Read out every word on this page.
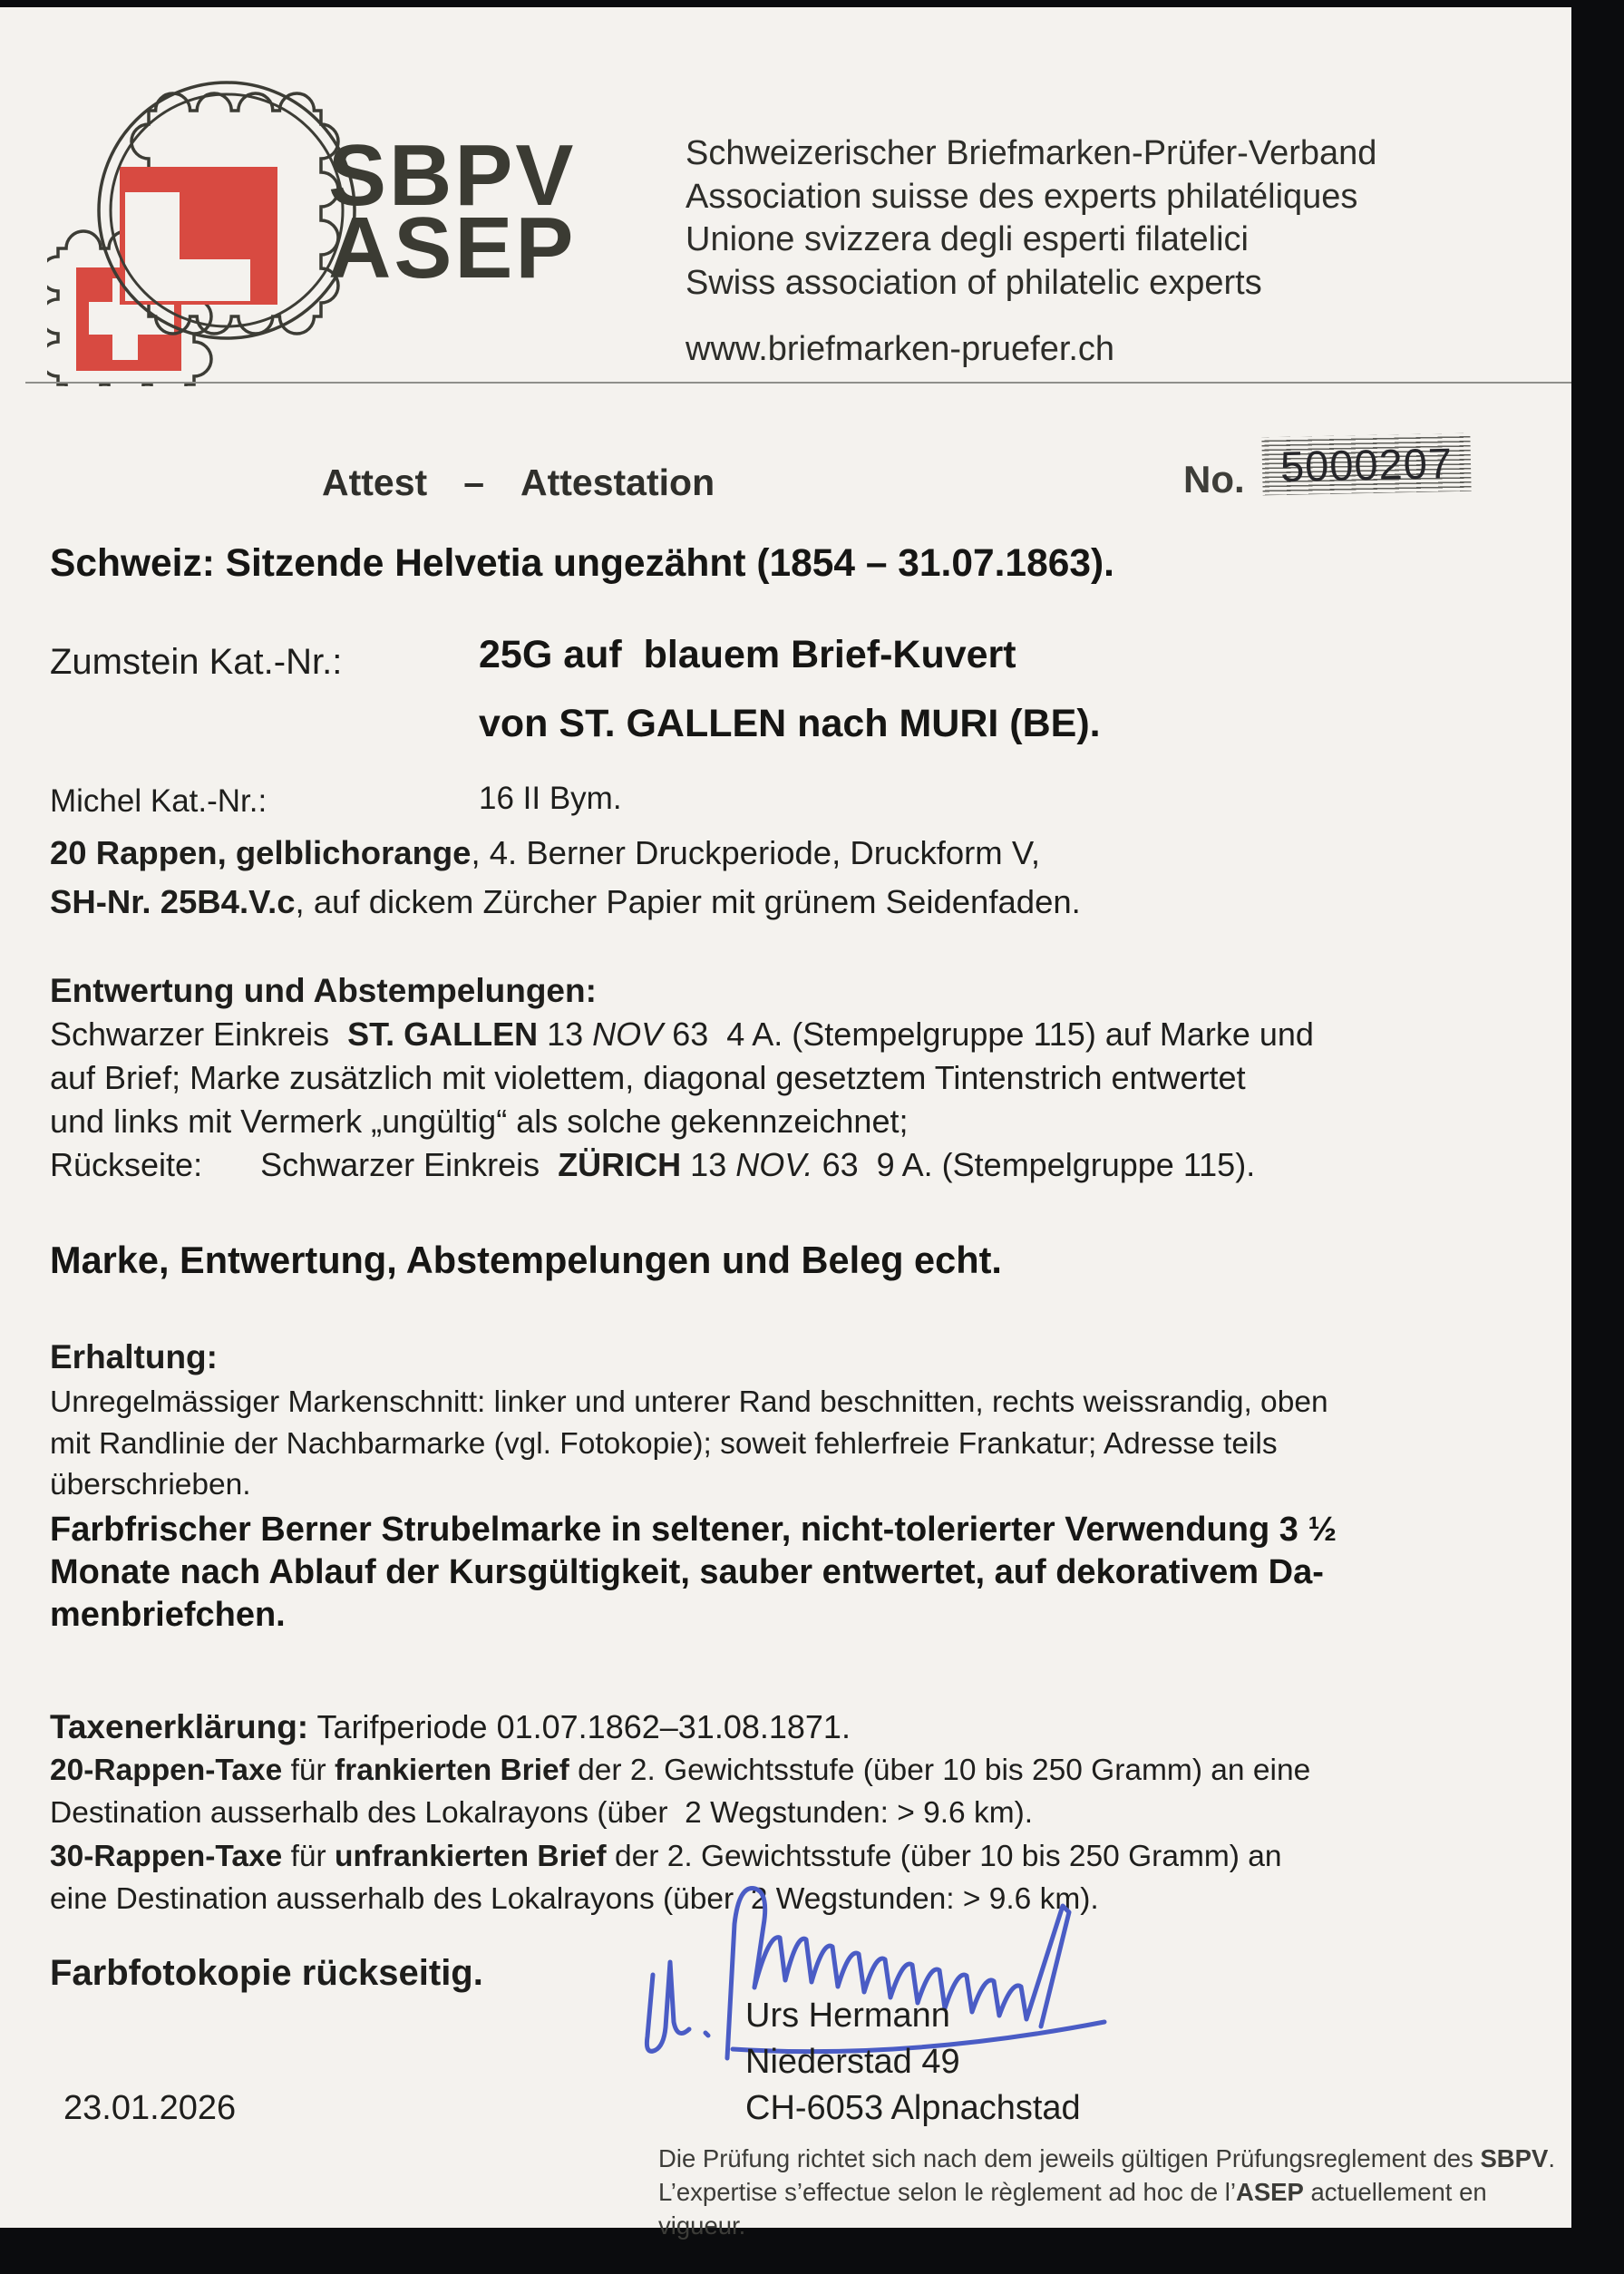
SBPV
ASEP
Schweizerischer Briefmarken-Prüfer-Verband
Association suisse des experts philatéliques
Unione svizzera degli esperti filatelici
Swiss association of philatelic experts
www.briefmarken-pruefer.ch
Attest – Attestation	No. 5000207
Schweiz: Sitzende Helvetia ungezähnt (1854 – 31.07.1863).
Zumstein Kat.-Nr.:	25G auf  blauem Brief-Kuvert
von ST. GALLEN nach MURI (BE).
Michel Kat.-Nr.:	16 II Bym.
20 Rappen, gelblichorange, 4. Berner Druckperiode, Druckform V,
SH-Nr. 25B4.V.c, auf dickem Zürcher Papier mit grünem Seidenfaden.
Entwertung und Abstempelungen:
Schwarzer Einkreis  ST. GALLEN 13 NOV 63  4 A. (Stempelgruppe 115) auf Marke und
auf Brief; Marke zusätzlich mit violettem, diagonal gesetztem Tintenstrich entwertet
und links mit Vermerk „ungültig“ als solche gekennzeichnet;
Rückseite: Schwarzer Einkreis  ZÜRICH 13 NOV. 63  9 A. (Stempelgruppe 115).
Marke, Entwertung, Abstempelungen und Beleg echt.
Erhaltung:
Unregelmässiger Markenschnitt: linker und unterer Rand beschnitten, rechts weissrandig, oben
mit Randlinie der Nachbarmarke (vgl. Fotokopie); soweit fehlerfreie Frankatur; Adresse teils
überschrieben.
Farbfrischer Berner Strubelmarke in seltener, nicht-tolerierter Verwendung 3 ½
Monate nach Ablauf der Kursgültigkeit, sauber entwertet, auf dekorativem Da-
menbriefchen.
Taxenerklärung: Tarifperiode 01.07.1862–31.08.1871.
20-Rappen-Taxe für frankierten Brief der 2. Gewichtsstufe (über 10 bis 250 Gramm) an eine
Destination ausserhalb des Lokalrayons (über  2 Wegstunden: > 9.6 km).
30-Rappen-Taxe für unfrankierten Brief der 2. Gewichtsstufe (über 10 bis 250 Gramm) an
eine Destination ausserhalb des Lokalrayons (über  2 Wegstunden: > 9.6 km).
Farbfotokopie rückseitig.
Urs Hermann
Niederstad 49
CH-6053 Alpnachstad
23.01.2026
Die Prüfung richtet sich nach dem jeweils gültigen Prüfungsreglement des SBPV.
L’expertise s’effectue selon le règlement ad hoc de l’ASEP actuellement en vigueur.
